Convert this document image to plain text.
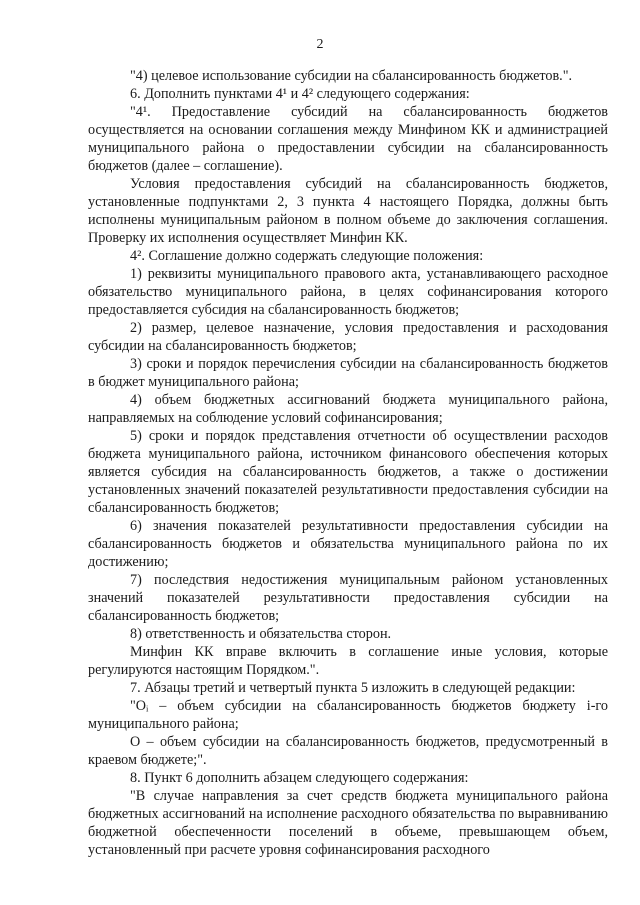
2

"4) целевое использование субсидии на сбалансированность бюджетов.".

6. Дополнить пунктами 4¹ и 4² следующего содержания:

"4¹. Предоставление субсидий на сбалансированность бюджетов осуществляется на основании соглашения между Минфином КК и администрацией муниципального района о предоставлении субсидии на сбалансированность бюджетов (далее – соглашение).

Условия предоставления субсидий на сбалансированность бюджетов, установленные подпунктами 2, 3 пункта 4 настоящего Порядка, должны быть исполнены муниципальным районом в полном объеме до заключения соглашения. Проверку их исполнения осуществляет Минфин КК.

4². Соглашение должно содержать следующие положения:

1) реквизиты муниципального правового акта, устанавливающего расходное обязательство муниципального района, в целях софинансирования которого предоставляется субсидия на сбалансированность бюджетов;

2) размер, целевое назначение, условия предоставления и расходования субсидии на сбалансированность бюджетов;

3) сроки и порядок перечисления субсидии на сбалансированность бюджетов в бюджет муниципального района;

4) объем бюджетных ассигнований бюджета муниципального района, направляемых на соблюдение условий софинансирования;

5) сроки и порядок представления отчетности об осуществлении расходов бюджета муниципального района, источником финансового обеспечения которых является субсидия на сбалансированность бюджетов, а также о достижении установленных значений показателей результативности предоставления субсидии на сбалансированность бюджетов;

6) значения показателей результативности предоставления субсидии на сбалансированность бюджетов и обязательства муниципального района по их достижению;

7) последствия недостижения муниципальным районом установленных значений показателей результативности предоставления субсидии на сбалансированность бюджетов;

8) ответственность и обязательства сторон.

Минфин КК вправе включить в соглашение иные условия, которые регулируются настоящим Порядком.".

7. Абзацы третий и четвертый пункта 5 изложить в следующей редакции:

"Oᵢ – объем субсидии на сбалансированность бюджетов бюджету i-го муниципального района;

O – объем субсидии на сбалансированность бюджетов, предусмотренный в краевом бюджете;".

8. Пункт 6 дополнить абзацем следующего содержания:

"В случае направления за счет средств бюджета муниципального района бюджетных ассигнований на исполнение расходного обязательства по выравниванию бюджетной обеспеченности поселений в объеме, превышающем объем, установленный при расчете уровня софинансирования расходного
